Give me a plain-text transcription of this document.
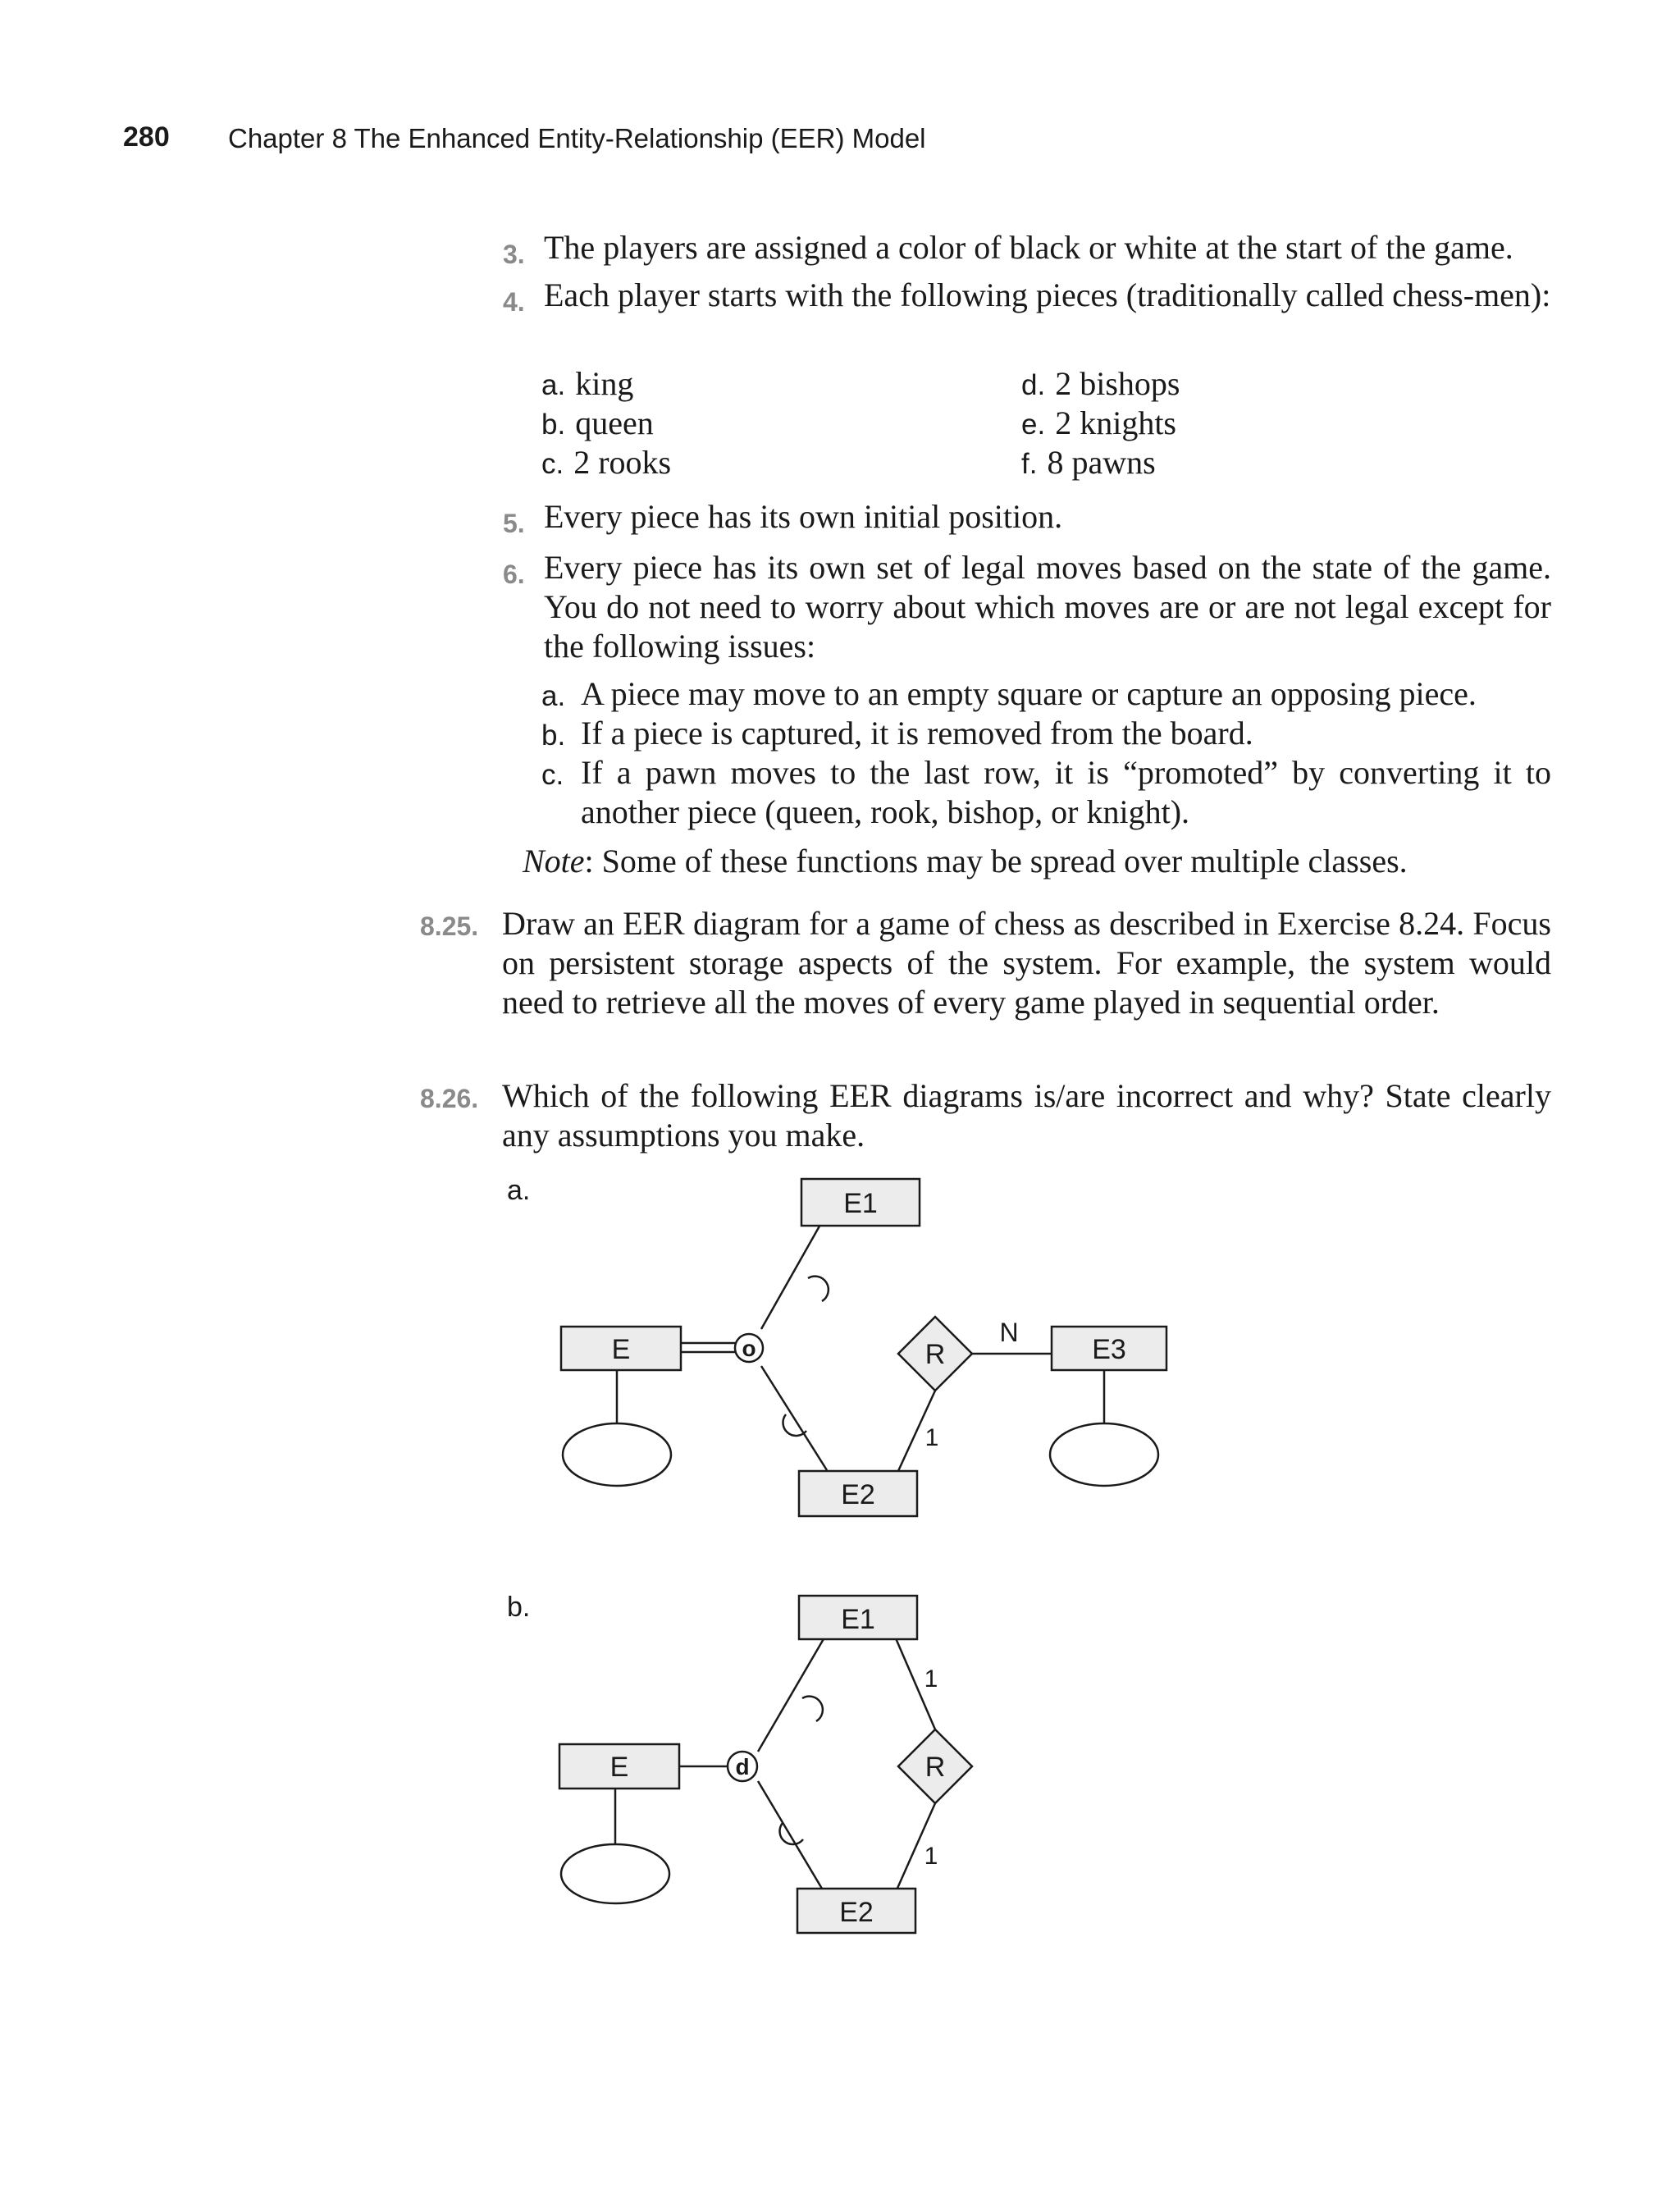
280 Chapter 8 The Enhanced Entity-Relationship (EER) Model
3. The players are assigned a color of black or white at the start of the game.
4. Each player starts with the following pieces (traditionally called chess-men):
a. king
b. queen
c. 2 rooks
d. 2 bishops
e. 2 knights
f. 8 pawns
5. Every piece has its own initial position.
6. Every piece has its own set of legal moves based on the state of the game. You do not need to worry about which moves are or are not legal except for the following issues:
a. A piece may move to an empty square or capture an opposing piece.
b. If a piece is captured, it is removed from the board.
c. If a pawn moves to the last row, it is “promoted” by converting it to another piece (queen, rook, bishop, or knight).
Note: Some of these functions may be spread over multiple classes.
8.25. Draw an EER diagram for a game of chess as described in Exercise 8.24. Focus on persistent storage aspects of the system. For example, the system would need to retrieve all the moves of every game played in sequential order.
8.26. Which of the following EER diagrams is/are incorrect and why? State clearly any assumptions you make.
a.
b.
E1
E
E2
E3
R
o
1
N
E1
E
E2
R
d
1
1
